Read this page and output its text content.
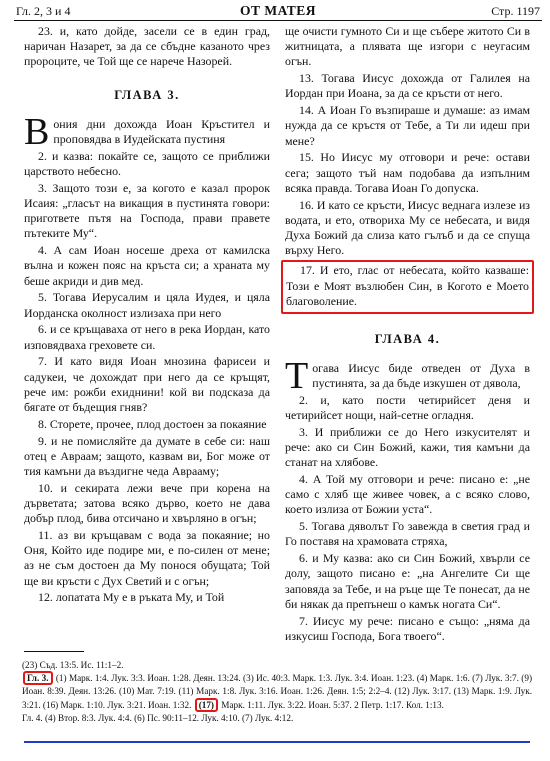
Гл. 2, 3 и 4	ОТ МАТЕЯ	Стр. 1197

23. и, като дойде, засели се в един град, наричан Назарет, за да се сбъдне казаното чрез пророците, че Той ще се нарече Назорей.

ГЛАВА 3.

Вония дни дохождa Иоан Кръстител и проповядва в Иудейската пустиня

2. и казва: покайте се, защото се приближи царството небесно.

3. Защото този е, за когото е казал пророк Исаия: „гласът на викащия в пустинята говори: пригответе пътя на Господа, прави правете пътеките Му“.

4. А сам Иоан носеше дреха от камилска вълна и кожен пояс на кръста си; а храната му беше акриди и див мед.

5. Тогава Иерусалим и цяла Иудея, и цяла Иорданска околност излизаха при него

6. и се кръщаваха от него в река Иордан, като изповядваха греховете си.

7. И като видя Иоан мнозина фарисеи и садукеи, че дохождат при него да се кръщят, рече им: рожби ехиднини! кой ви подсказа да бягате от бъдещия гняв?

8. Сторете, прочее, плод достоен за покаяние

9. и не помисляйте да думате в себе си: наш отец е Авраам; защото, казвам ви, Бог може от тия камъни да въздигне чеда Аврааму;

10. и секирата лежи вече при корена на дърветата; затова всяко дърво, което не дава добър плод, бива отсичано и хвърляно в огън;

11. аз ви кръщавам с вода за покаяние; но Оня, Който иде подире ми, е по-силен от мене; аз не съм достоен да Му понося обущата; Той ще ви кръсти с Дух Светий и с огън;

12. лопатата Му е в ръката Му, и Той

ще очисти гумното Си и ще събере житото Си в житницата, а плявата ще изгори с неугасим огън.

13. Тогава Иисус дохожда от Галилея на Иордан при Иоана, за да се кръсти от него.

14. А Иоан Го възпираше и думаше: аз имам нужда да се кръстя от Тебе, а Ти ли идеш при мене?

15. Но Иисус му отговори и рече: остави сега; защото тъй нам подобава да изпълним всяка правда. Тогава Иоан Го допуска.

16. И като се кръсти, Иисус веднага излезе из водата, и ето, отвориха Му се небесата, и видя Духа Божий да слиза като гълъб и да се спуща върху Него.

17. И ето, глас от небесата, който казваше: Този е Моят възлюбен Син, в Когото е Моето благоволение.

ГЛАВА 4.

Тогава Иисус биде отведен от Духа в пустинята, за да бъде изкушен от дявола,

2. и, като пости четирийсет деня и четирийсет нощи, най-сетне огладня.

3. И приближи се до Него изкусителят и рече: ако си Син Божий, кажи, тия камъни да станат на хлябове.

4. А Той му отговори и рече: писано е: „не само с хляб ще живее човек, а с всяко слово, което излиза от Божии уста“.

5. Тогава дяволът Го завежда в светия град и Го поставя на храмовата стряха,

6. и Му казва: ако си Син Божий, хвърли се долу, защото писано е: „на Ангелите Си ще заповяда за Тебе, и на ръце ще Те понесат, да не би някак да препънеш о камък ногата Си“.

7. Иисус му рече: писано е също: „няма да изкусиш Господа, Бога твоего“.

(23) Съд. 13:5. Ис. 11:1–2.
Гл. 3. (1) Марк. 1:4. Лук. 3:3. Иоан. 1:28. Деян. 13:24. (3) Ис. 40:3. Марк. 1:3. Лук. 3:4. Иоан. 1:23. (4) Марк. 1:6. (7) Лук. 3:7. (9) Иоан. 8:39. Деян. 13:26. (10) Мат. 7:19. (11) Марк. 1:8. Лук. 3:16. Иоан. 1:26. Деян. 1:5; 2:2–4. (12) Лук. 3:17. (13) Марк. 1:9. Лук. 3:21. (16) Марк. 1:10. Лук. 3:21. Иоан. 1:32. (17) Марк. 1:11. Лук. 3:22. Иоан. 5:37. 2 Петр. 1:17. Кол. 1:13.
Гл. 4. (4) Втор. 8:3. Лук. 4:4. (6) Пс. 90:11–12. Лук. 4:10. (7) Лук. 4:12.
